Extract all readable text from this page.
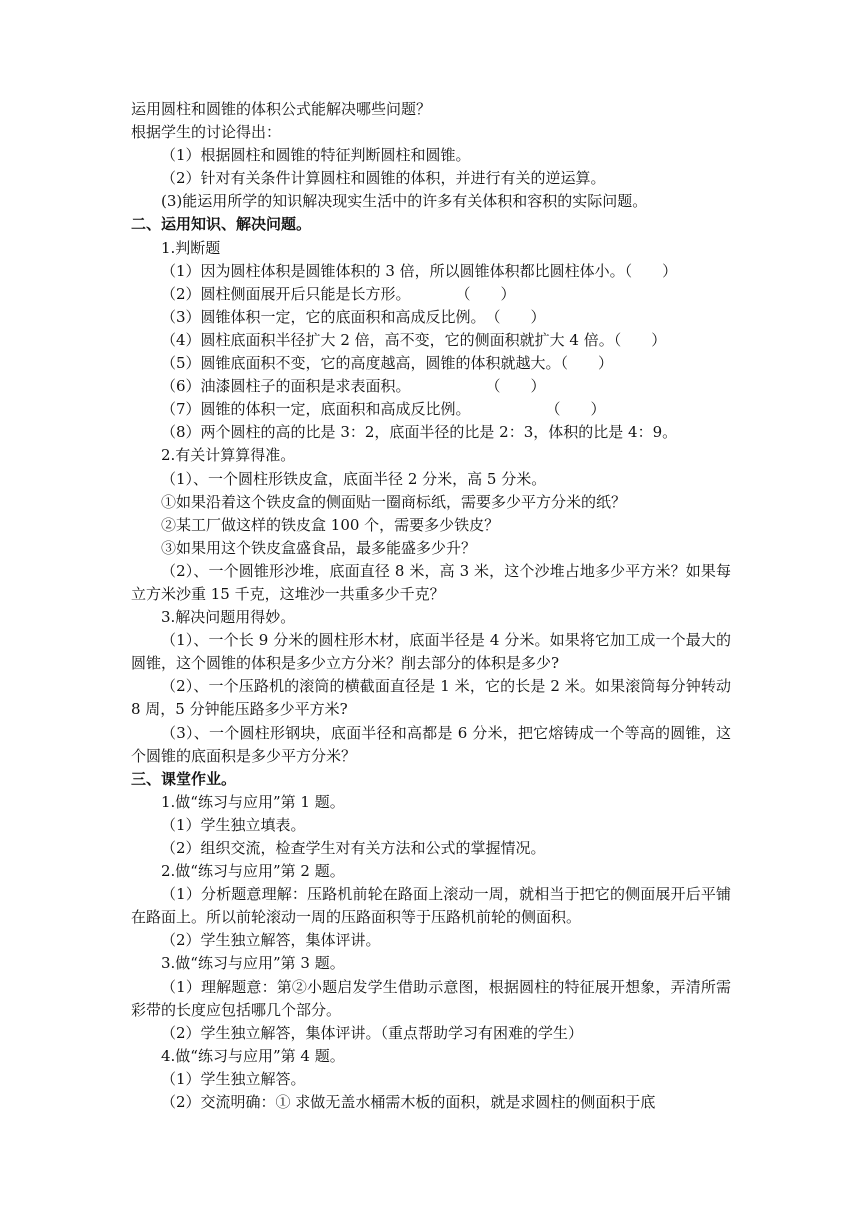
运用圆柱和圆锥的体积公式能解决哪些问题？
根据学生的讨论得出：
（1）根据圆柱和圆锥的特征判断圆柱和圆锥。
（2）针对有关条件计算圆柱和圆锥的体积，并进行有关的逆运算。
(3)能运用所学的知识解决现实生活中的许多有关体积和容积的实际问题。
二、运用知识、解决问题。
1.判断题
（1）因为圆柱体积是圆锥体积的 3 倍，所以圆锥体积都比圆柱体小。（　　）
（2）圆柱侧面展开后只能是长方形。　　　　（　　）
（3）圆锥体积一定，它的底面积和高成反比例。　（　　）
（4）圆柱底面积半径扩大 2 倍，高不变，它的侧面积就扩大 4 倍。（　　）
（5）圆锥底面积不变，它的高度越高，圆锥的体积就越大。（　　）
（6）油漆圆柱子的面积是求表面积。　　　　　　（　　）
（7）圆锥的体积一定，底面积和高成反比例。　　　　　　（　　）
（8）两个圆柱的高的比是 3：2，底面半径的比是 2：3，体积的比是 4：9。
2.有关计算算得准。
（1）、一个圆柱形铁皮盒，底面半径 2 分米，高 5 分米。
①如果沿着这个铁皮盒的侧面贴一圈商标纸，需要多少平方分米的纸？
②某工厂做这样的铁皮盒 100 个，需要多少铁皮？
③如果用这个铁皮盒盛食品，最多能盛多少升？
（2）、一个圆锥形沙堆，底面直径 8 米，高 3 米，这个沙堆占地多少平方米？如果每立方米沙重 15 千克，这堆沙一共重多少千克？
3.解决问题用得妙。
（1）、一个长 9 分米的圆柱形木材，底面半径是 4 分米。如果将它加工成一个最大的圆锥，这个圆锥的体积是多少立方分米？削去部分的体积是多少?
（2）、一个压路机的滚筒的横截面直径是 1 米，它的长是 2 米。如果滚筒每分钟转动 8 周，5 分钟能压路多少平方米?
（3）、一个圆柱形钢块，底面半径和高都是 6 分米，把它熔铸成一个等高的圆锥，这个圆锥的底面积是多少平方分米？
三、课堂作业。
1.做“练习与应用”第 1 题。
（1）学生独立填表。
（2）组织交流，检查学生对有关方法和公式的掌握情况。
2.做“练习与应用”第 2 题。
（1）分析题意理解：压路机前轮在路面上滚动一周，就相当于把它的侧面展开后平铺在路面上。所以前轮滚动一周的压路面积等于压路机前轮的侧面积。
（2）学生独立解答，集体评讲。
3.做“练习与应用”第 3 题。
（1）理解题意：第②小题启发学生借助示意图，根据圆柱的特征展开想象，弄清所需彩带的长度应包括哪几个部分。
（2）学生独立解答，集体评讲。（重点帮助学习有困难的学生）
4.做“练习与应用”第 4 题。
（1）学生独立解答。
（2）交流明确：① 求做无盖水桶需木板的面积，就是求圆柱的侧面积于底
